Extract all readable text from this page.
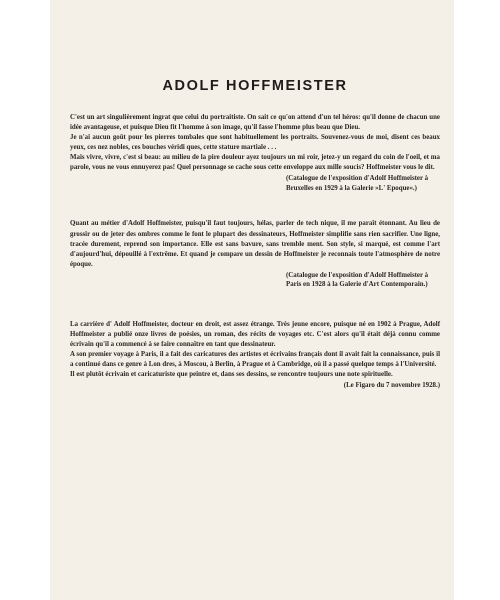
ADOLF HOFFMEISTER

C'est un art singulièrement ingrat que celui du portraitiste. On sait ce qu'on attend d'un tel héros: qu'il donne de chacun une idée avantageuse, et puisque Dieu fit l'homme à son image, qu'il fasse l'homme plus beau que Dieu.

Je n'ai aucun goût pour les pierres tombales que sont habituellement les portraits. Souvenez-vous de moi, disent ces beaux yeux, ces nez nobles, ces bouches véridi ques, cette stature martiale . . .

Mais vivre, vivre, c'est si beau: au milieu de la pire douleur ayez toujours un mi roir, jetez-y un regard du coin de l'oeil, et ma parole, vous ne vous ennuyerez pas! Quel personnage se cache sous cette enveloppe aux mille soucis? Hoffmeister vous le dit.

(Catalogue de l'exposition d'Adolf Hoffmeister à Bruxelles en 1929 à la Galerie »L' Epoque«.)

Quant au métier d'Adolf Hoffmeister, puisqu'il faut toujours, hélas, parler de tech nique, il me paraît étonnant. Au lieu de grossir ou de jeter des ombres comme le font le plupart des dessinateurs, Hoffmeister simplifie sans rien sacrifier. Une ligne, tracée durement, reprend son importance. Elle est sans bavure, sans tremble ment. Son style, si marqué, est comme l'art d'aujourd'hui, dépouillé à l'extrême. Et quand je compare un dessin de Hoffmeister je reconnais toute l'atmosphère de notre époque.

(Catalogue de l'exposition d'Adolf Hoffmeister à Paris en 1928 à la Galerie d'Art Contemporain.)

La carrière d' Adolf Hoffmeister, docteur en droit, est assez étrange. Très jeune encore, puisque né en 1902 à Prague, Adolf Hoffmeister a publié onze livres de poésies, un roman, des récits de voyages etc. C'est alors qu'il était déjà connu comme écrivain qu'il a commencé à se faire connaître en tant que dessinateur.

A son premier voyage à Paris, il a fait des caricatures des artistes et écrivains français dont il avait fait la connaissance, puis il a continué dans ce genre à Lon dres, à Moscou, à Berlin, à Prague et à Cambridge, où il a passé quelque temps à l'Université.

Il est plutôt écrivain et caricaturiste que peintre et, dans ses dessins, se rencontre toujours une note spirituelle.

(Le Figaro du 7 novembre 1928.)
